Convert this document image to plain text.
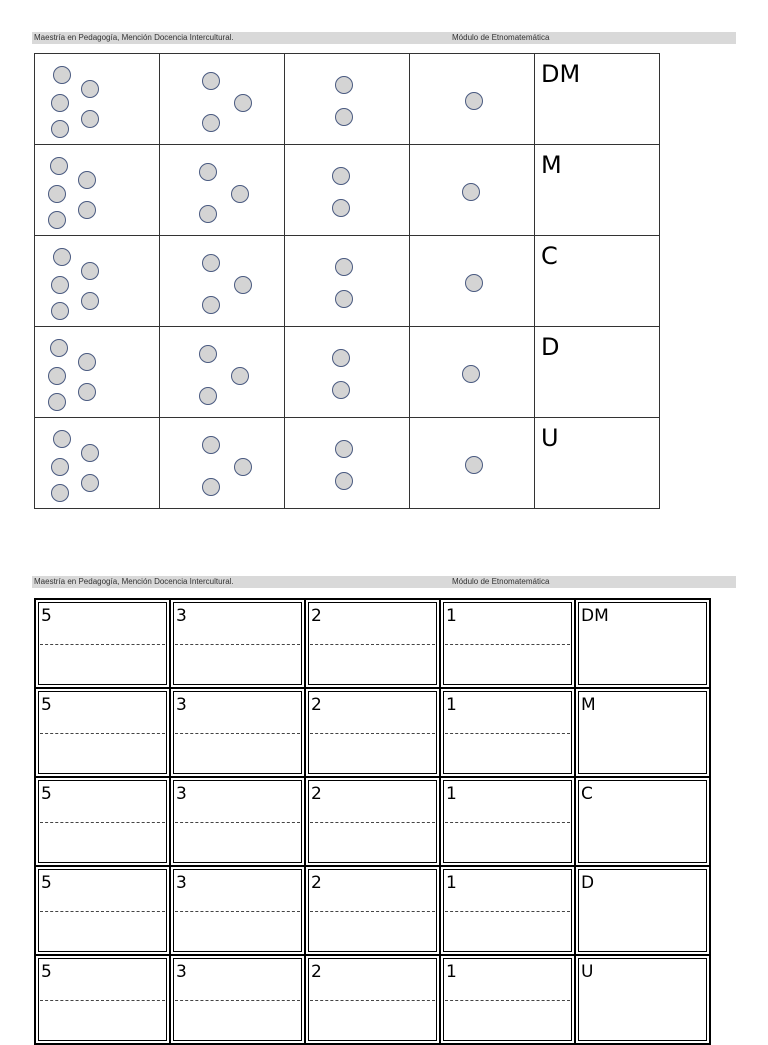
Maestría en Pedagogía, Mención Docencia Intercultural.	Módulo de Etnomatemática

				DM

				M

				C

				D

				U
Maestría en Pedagogía, Mención Docencia Intercultural.	Módulo de Etnomatemática
5	3	2	1	DM

5	3	2	1	M

5	3	2	1	C

5	3	2	1	D

5	3	2	1	U
